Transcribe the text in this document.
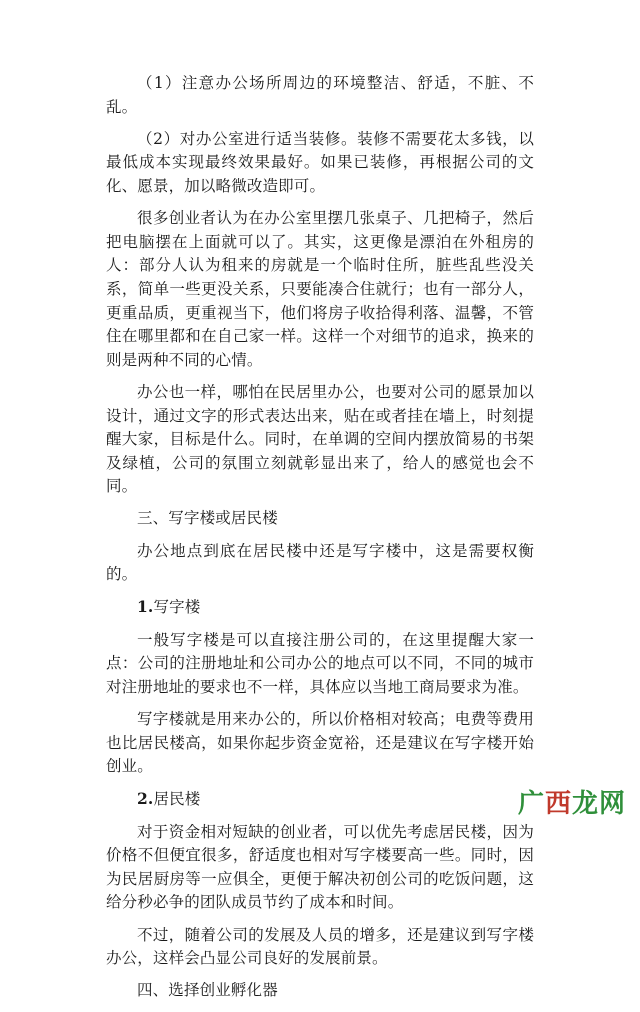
（1）注意办公场所周边的环境整洁、舒适，不脏、不乱。

（2）对办公室进行适当装修。装修不需要花太多钱，以最低成本实现最终效果最好。如果已装修，再根据公司的文化、愿景，加以略微改造即可。

很多创业者认为在办公室里摆几张桌子、几把椅子，然后把电脑摆在上面就可以了。其实，这更像是漂泊在外租房的人：部分人认为租来的房就是一个临时住所，脏些乱些没关系，简单一些更没关系，只要能凑合住就行；也有一部分人，更重品质，更重视当下，他们将房子收拾得利落、温馨，不管住在哪里都和在自己家一样。这样一个对细节的追求，换来的则是两种不同的心情。

办公也一样，哪怕在民居里办公，也要对公司的愿景加以设计，通过文字的形式表达出来，贴在或者挂在墙上，时刻提醒大家，目标是什么。同时，在单调的空间内摆放简易的书架及绿植，公司的氛围立刻就彰显出来了，给人的感觉也会不同。

三、写字楼或居民楼

办公地点到底在居民楼中还是写字楼中，这是需要权衡的。

1.写字楼

一般写字楼是可以直接注册公司的，在这里提醒大家一点：公司的注册地址和公司办公的地点可以不同，不同的城市对注册地址的要求也不一样，具体应以当地工商局要求为准。

写字楼就是用来办公的，所以价格相对较高；电费等费用也比居民楼高，如果你起步资金宽裕，还是建议在写字楼开始创业。

2.居民楼

对于资金相对短缺的创业者，可以优先考虑居民楼，因为价格不但便宜很多，舒适度也相对写字楼要高一些。同时，因为民居厨房等一应俱全，更便于解决初创公司的吃饭问题，这给分秒必争的团队成员节约了成本和时间。

不过，随着公司的发展及人员的增多，还是建议到写字楼办公，这样会凸显公司良好的发展前景。

四、选择创业孵化器

广西龙网
